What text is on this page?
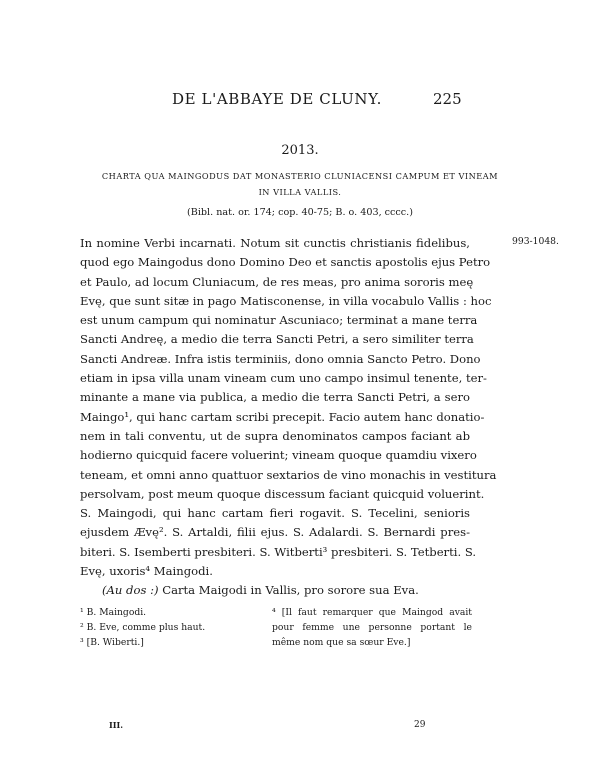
DE L'ABBAYE DE CLUNY.	225
2013.
CHARTA QUA MAINGODUS DAT MONASTERIO CLUNIACENSI CAMPUM ET VINEAM
IN VILLA VALLIS.
(Bibl. nat. or. 174; cop. 40-75; B. o. 403, cccc.)
993-1048.
In nomine Verbi incarnati. Notum sit cunctis christianis fidelibus,
quod ego Maingodus dono Domino Deo et sanctis apostolis ejus Petro
et Paulo, ad locum Cluniacum, de res meas, pro anima sororis meę
Evę, que sunt sitæ in pago Matisconense, in villa vocabulo Vallis : hoc
est unum campum qui nominatur Ascuniaco; terminat a mane terra
Sancti Andreę, a medio die terra Sancti Petri, a sero similiter terra
Sancti Andreæ. Infra istis terminiis, dono omnia Sancto Petro. Dono
etiam in ipsa villa unam vineam cum uno campo insimul tenente, ter-
minante a mane via publica, a medio die terra Sancti Petri, a sero
Maingo¹, qui hanc cartam scribi precepit. Facio autem hanc donatio-
nem in tali conventu, ut de supra denominatos campos faciant ab
hodierno quicquid facere voluerint; vineam quoque quamdiu vixero
teneam, et omni anno quattuor sextarios de vino monachis in vestitura
persolvam, post meum quoque discessum faciant quicquid voluerint.
S. Maingodi, qui hanc cartam fieri rogavit. S. Tecelini, senioris
ejusdem Ævę². S. Artaldi, filii ejus. S. Adalardi. S. Bernardi pres-
biteri. S. Isemberti presbiteri. S. Witberti³ presbiteri. S. Tetberti. S.
Evę, uxoris⁴ Maingodi.
(Au dos :) Carta Maigodi in Vallis, pro sorore sua Eva.
¹ B. Maingodi.
² B. Eve, comme plus haut.
³ [B. Wiberti.]
⁴ [Il faut remarquer que Maingod avait
pour femme une personne portant le
même nom que sa sœur Eve.]
III.	29
